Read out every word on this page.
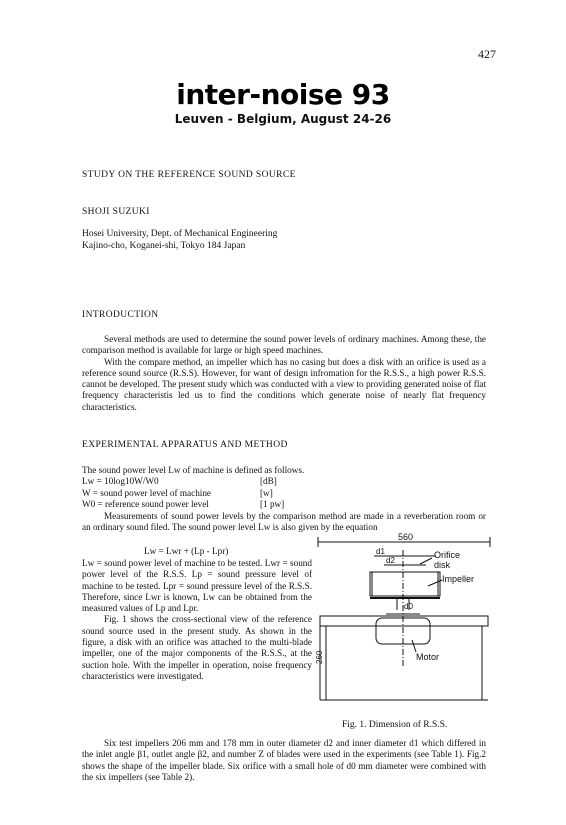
427
inter-noise 93
Leuven - Belgium, August 24-26
STUDY ON THE REFERENCE SOUND SOURCE
SHOJI SUZUKI
Hosei University, Dept. of Mechanical Engineering
Kajino-cho, Koganei-shi, Tokyo 184 Japan
INTRODUCTION

Several methods are used to determine the sound power levels of ordinary machines. Among these, the comparison method is available for large or high speed machines.

With the compare method, an impeller which has no casing but does a disk with an orifice is used as a reference sound source (R.S.S). However, for want of design infromation for the R.S.S., a high power R.S.S. cannot be developed. The present study which was conducted with a view to providing generated noise of flat frequency characteristis led us to find the conditions which generate noise of nearly flat frequency characteristics.

EXPERIMENTAL APPARATUS AND METHOD
The sound power level Lw of machine is defined as follows.
Lw = 10log10W/W0	[dB]
W = sound power level of machine	[w]
W0 = reference sound power level	[1 pw]

Measurements of sound power levels by the comparison method are made in a reverberation room or an ordinary sound filed. The sound power level Lw is also given by the equation

Lw = Lwr + (Lp - Lpr)
Lw = sound power level of machine to be tested. Lwr = sound power level of the R.S.S. Lp = sound pressure level of machine to be tested. Lpr = sound pressure level of the R.S.S. Therefore, since Lwr is known, Lw can be obtained from the measured values of Lp and Lpr.
Fig. 1 shows the cross-sectional view of the reference sound source used in the present study. As shown in the figure, a disk with an orifice was attached to the multi-blade impeller, one of the major components of the R.S.S., at the suction hole. With the impeller in operation, noise frequency characteristics were investigated.
560
d1
d2
d0
Orifice
disk
Impeller
Motor
260
Fig. 1. Dimension of R.S.S.

Six test impellers 206 mm and 178 mm in outer diameter d2 and inner diameter d1 which differed in the inlet angle β1, outlet angle β2, and number Z of blades were used in the experiments (see Table 1). Fig.2 shows the shape of the impeller blade. Six orifice with a small hole of d0 mm diameter were combined with the six impellers (see Table 2).
